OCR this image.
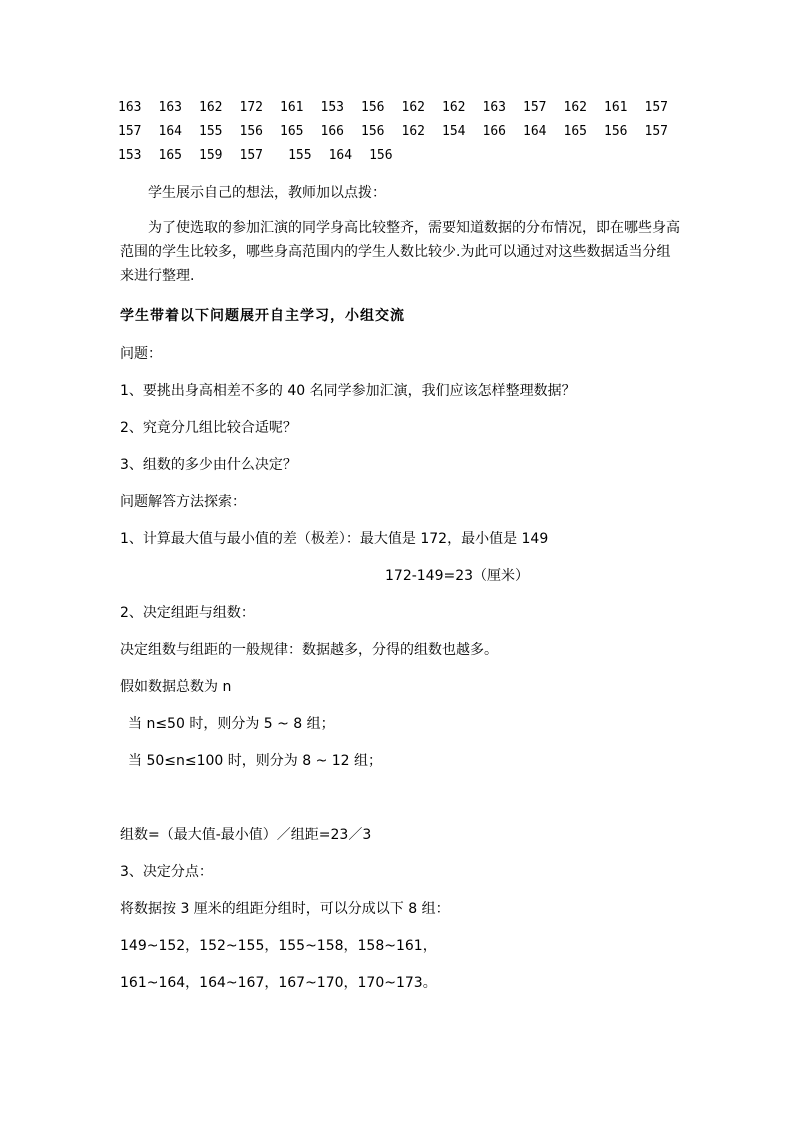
163	163	162	172	161	153	156	162	162	163	157	162	161	157
157	164	155	156	165	166	156	162	154	166	164	165	156	157
153	165	159	157	155	164	156
学生展示自己的想法，教师加以点拨：
为了使选取的参加汇演的同学身高比较整齐，需要知道数据的分布情况，即在哪些身高范围的学生比较多，哪些身高范围内的学生人数比较少.为此可以通过对这些数据适当分组来进行整理.
学生带着以下问题展开自主学习，小组交流
问题：
1、要挑出身高相差不多的 40 名同学参加汇演，我们应该怎样整理数据？
2、究竟分几组比较合适呢？
3、组数的多少由什么决定？
问题解答方法探索：
1、计算最大值与最小值的差（极差）：最大值是 172，最小值是 149
172-149=23（厘米）
2、决定组距与组数：
决定组数与组距的一般规律：数据越多，分得的组数也越多。
假如数据总数为 n
当 n≤50 时，则分为 5 ~ 8 组；
当 50≤n≤100 时，则分为 8 ~ 12 组；
组数=（最大值-最小值）／组距=23／3
3、决定分点：
将数据按 3 厘米的组距分组时，可以分成以下 8 组：
149~152，152~155，155~158，158~161，
161~164，164~167，167~170，170~173。
